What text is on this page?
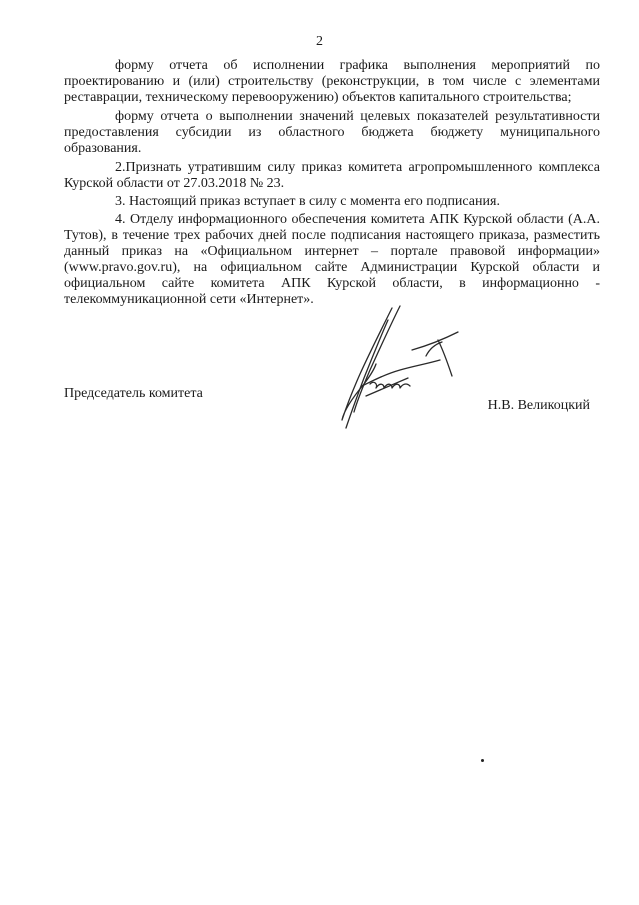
2

форму отчета об исполнении графика выполнения мероприятий по проектированию и (или) строительству (реконструкции, в том числе с элементами реставрации, техническому перевооружению) объектов капитального строительства;

форму отчета о выполнении значений целевых показателей результативности предоставления субсидии из областного бюджета бюджету муниципального образования.

2.Признать утратившим силу приказ комитета агропромышленного комплекса Курской области от 27.03.2018 № 23.

3. Настоящий приказ вступает в силу с момента его подписания.

4. Отделу информационного обеспечения комитета АПК Курской области (А.А. Тутов), в течение трех рабочих дней после подписания настоящего приказа, разместить данный приказ на «Официальном интернет – портале правовой информации» (www.pravo.gov.ru), на официальном сайте Администрации Курской области и официальном сайте комитета АПК Курской области, в информационно - телекоммуникационной сети «Интернет».

Председатель комитета
Н.В. Великоцкий
